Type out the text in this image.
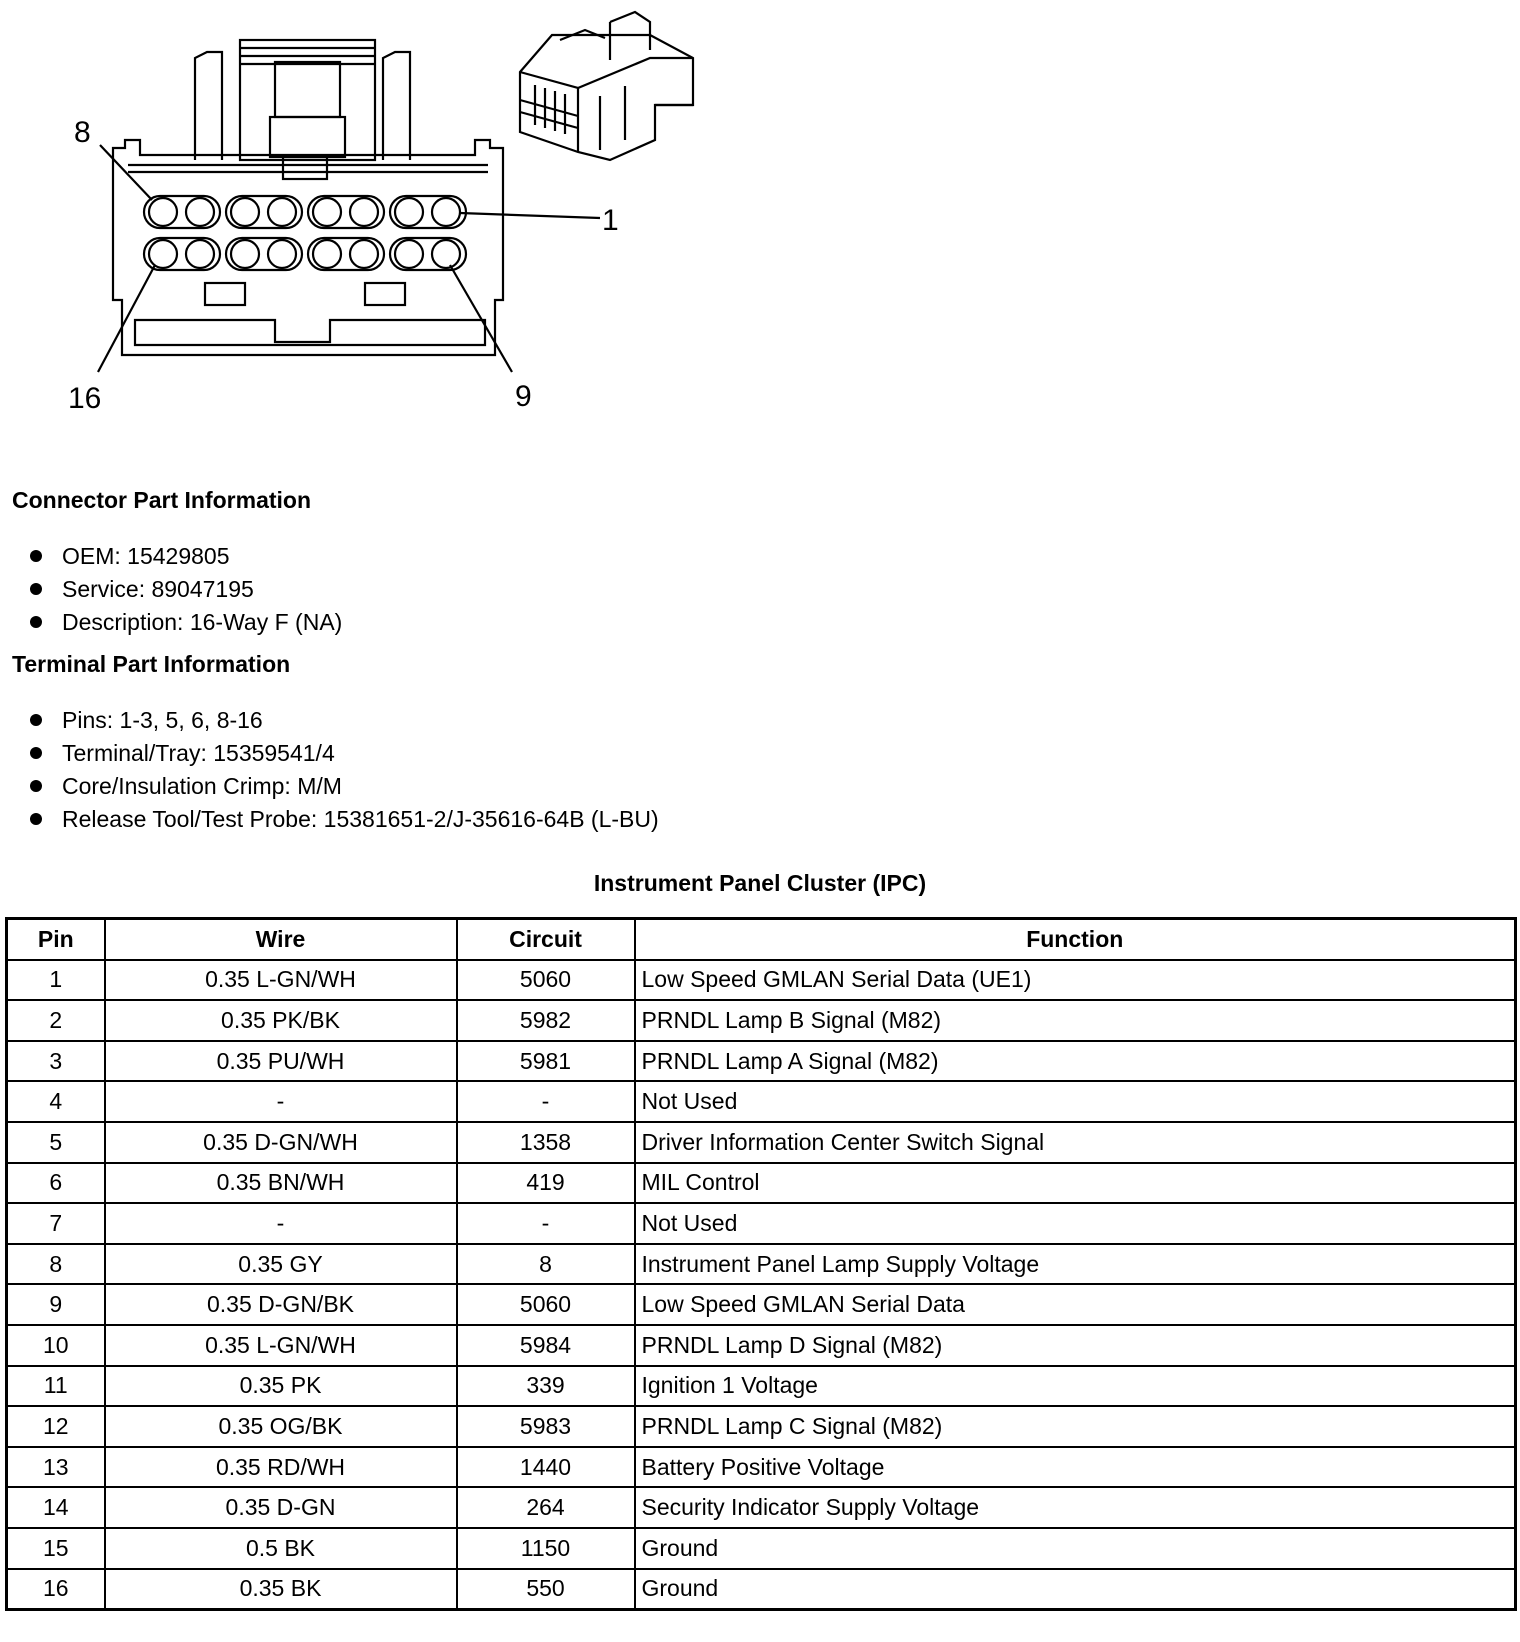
8
1
16	9
Connector Part Information
OEM: 15429805
Service: 89047195
Description: 16-Way F (NA)
Terminal Part Information
Pins: 1-3, 5, 6, 8-16
Terminal/Tray: 15359541/4
Core/Insulation Crimp: M/M
Release Tool/Test Probe: 15381651-2/J-35616-64B (L-BU)
Instrument Panel Cluster (IPC)
Pin	Wire	Circuit	Function
1	0.35 L-GN/WH	5060	Low Speed GMLAN Serial Data (UE1)
2	0.35 PK/BK	5982	PRNDL Lamp B Signal (M82)
3	0.35 PU/WH	5981	PRNDL Lamp A Signal (M82)
4	-	-	Not Used
5	0.35 D-GN/WH	1358	Driver Information Center Switch Signal
6	0.35 BN/WH	419	MIL Control
7	-	-	Not Used
8	0.35 GY	8	Instrument Panel Lamp Supply Voltage
9	0.35 D-GN/BK	5060	Low Speed GMLAN Serial Data
10	0.35 L-GN/WH	5984	PRNDL Lamp D Signal (M82)
11	0.35 PK	339	Ignition 1 Voltage
12	0.35 OG/BK	5983	PRNDL Lamp C Signal (M82)
13	0.35 RD/WH	1440	Battery Positive Voltage
14	0.35 D-GN	264	Security Indicator Supply Voltage
15	0.5 BK	1150	Ground
16	0.35 BK	550	Ground
